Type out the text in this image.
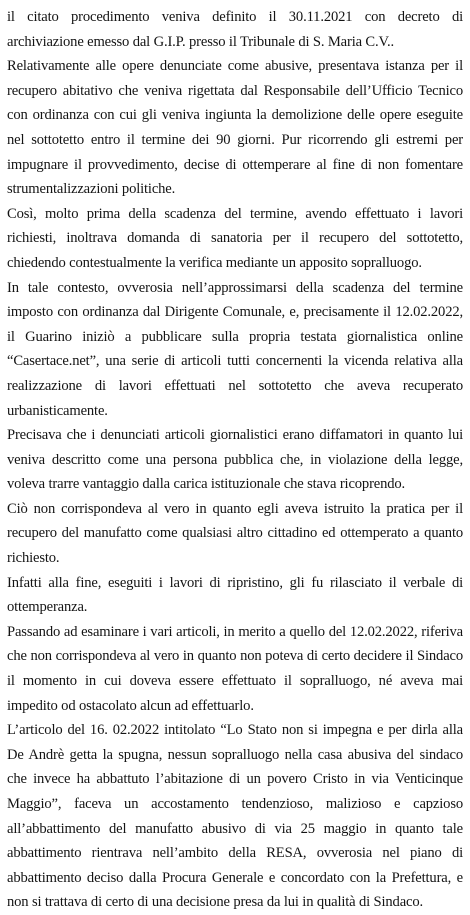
il citato procedimento veniva definito il 30.11.2021 con decreto di archiviazione emesso dal G.I.P. presso il Tribunale di S. Maria C.V..

Relativamente alle opere denunciate come abusive, presentava istanza per il recupero abitativo che veniva rigettata dal Responsabile dell’Ufficio Tecnico con ordinanza con cui gli veniva ingiunta la demolizione delle opere eseguite nel sottotetto entro il termine dei 90 giorni. Pur ricorrendo gli estremi per impugnare il provvedimento, decise di ottemperare al fine di non fomentare strumentalizzazioni politiche.

Così, molto prima della scadenza del termine, avendo effettuato i lavori richiesti, inoltrava domanda di sanatoria per il recupero del sottotetto, chiedendo contestualmente la verifica mediante un apposito sopralluogo.

In tale contesto, ovverosia nell’approssimarsi della scadenza del termine imposto con ordinanza dal Dirigente Comunale, e, precisamente il 12.02.2022, il Guarino iniziò a pubblicare sulla propria testata giornalistica online “Casertace.net”, una serie di articoli tutti concernenti la vicenda relativa alla realizzazione di lavori effettuati nel sottotetto che aveva recuperato urbanisticamente.

Precisava che i denunciati articoli giornalistici erano diffamatori in quanto lui veniva descritto come una persona pubblica che, in violazione della legge, voleva trarre vantaggio dalla carica istituzionale che stava ricoprendo.

Ciò non corrispondeva al vero in quanto egli aveva istruito la pratica per il recupero del manufatto come qualsiasi altro cittadino ed ottemperato a quanto richiesto.

Infatti alla fine, eseguiti i lavori di ripristino, gli fu rilasciato il verbale di ottemperanza.

Passando ad esaminare i vari articoli, in merito a quello del 12.02.2022, riferiva che non corrispondeva al vero in quanto non poteva di certo decidere il Sindaco il momento in cui doveva essere effettuato il sopralluogo, né aveva mai impedito od ostacolato alcun ad effettuarlo.

L’articolo del 16. 02.2022 intitolato “Lo Stato non si impegna e per dirla alla De Andrè getta la spugna, nessun sopralluogo nella casa abusiva del sindaco che invece ha abbattuto l’abitazione di un povero Cristo in via Venticinque Maggio”, faceva un accostamento tendenzioso, malizioso e capzioso all’abbattimento del manufatto abusivo di via 25 maggio in quanto tale abbattimento rientrava nell’ambito della RESA, ovverosia nel piano di abbattimento deciso dalla Procura Generale e concordato con la Prefettura, e non si trattava di certo di una decisione presa da lui in qualità di Sindaco.
